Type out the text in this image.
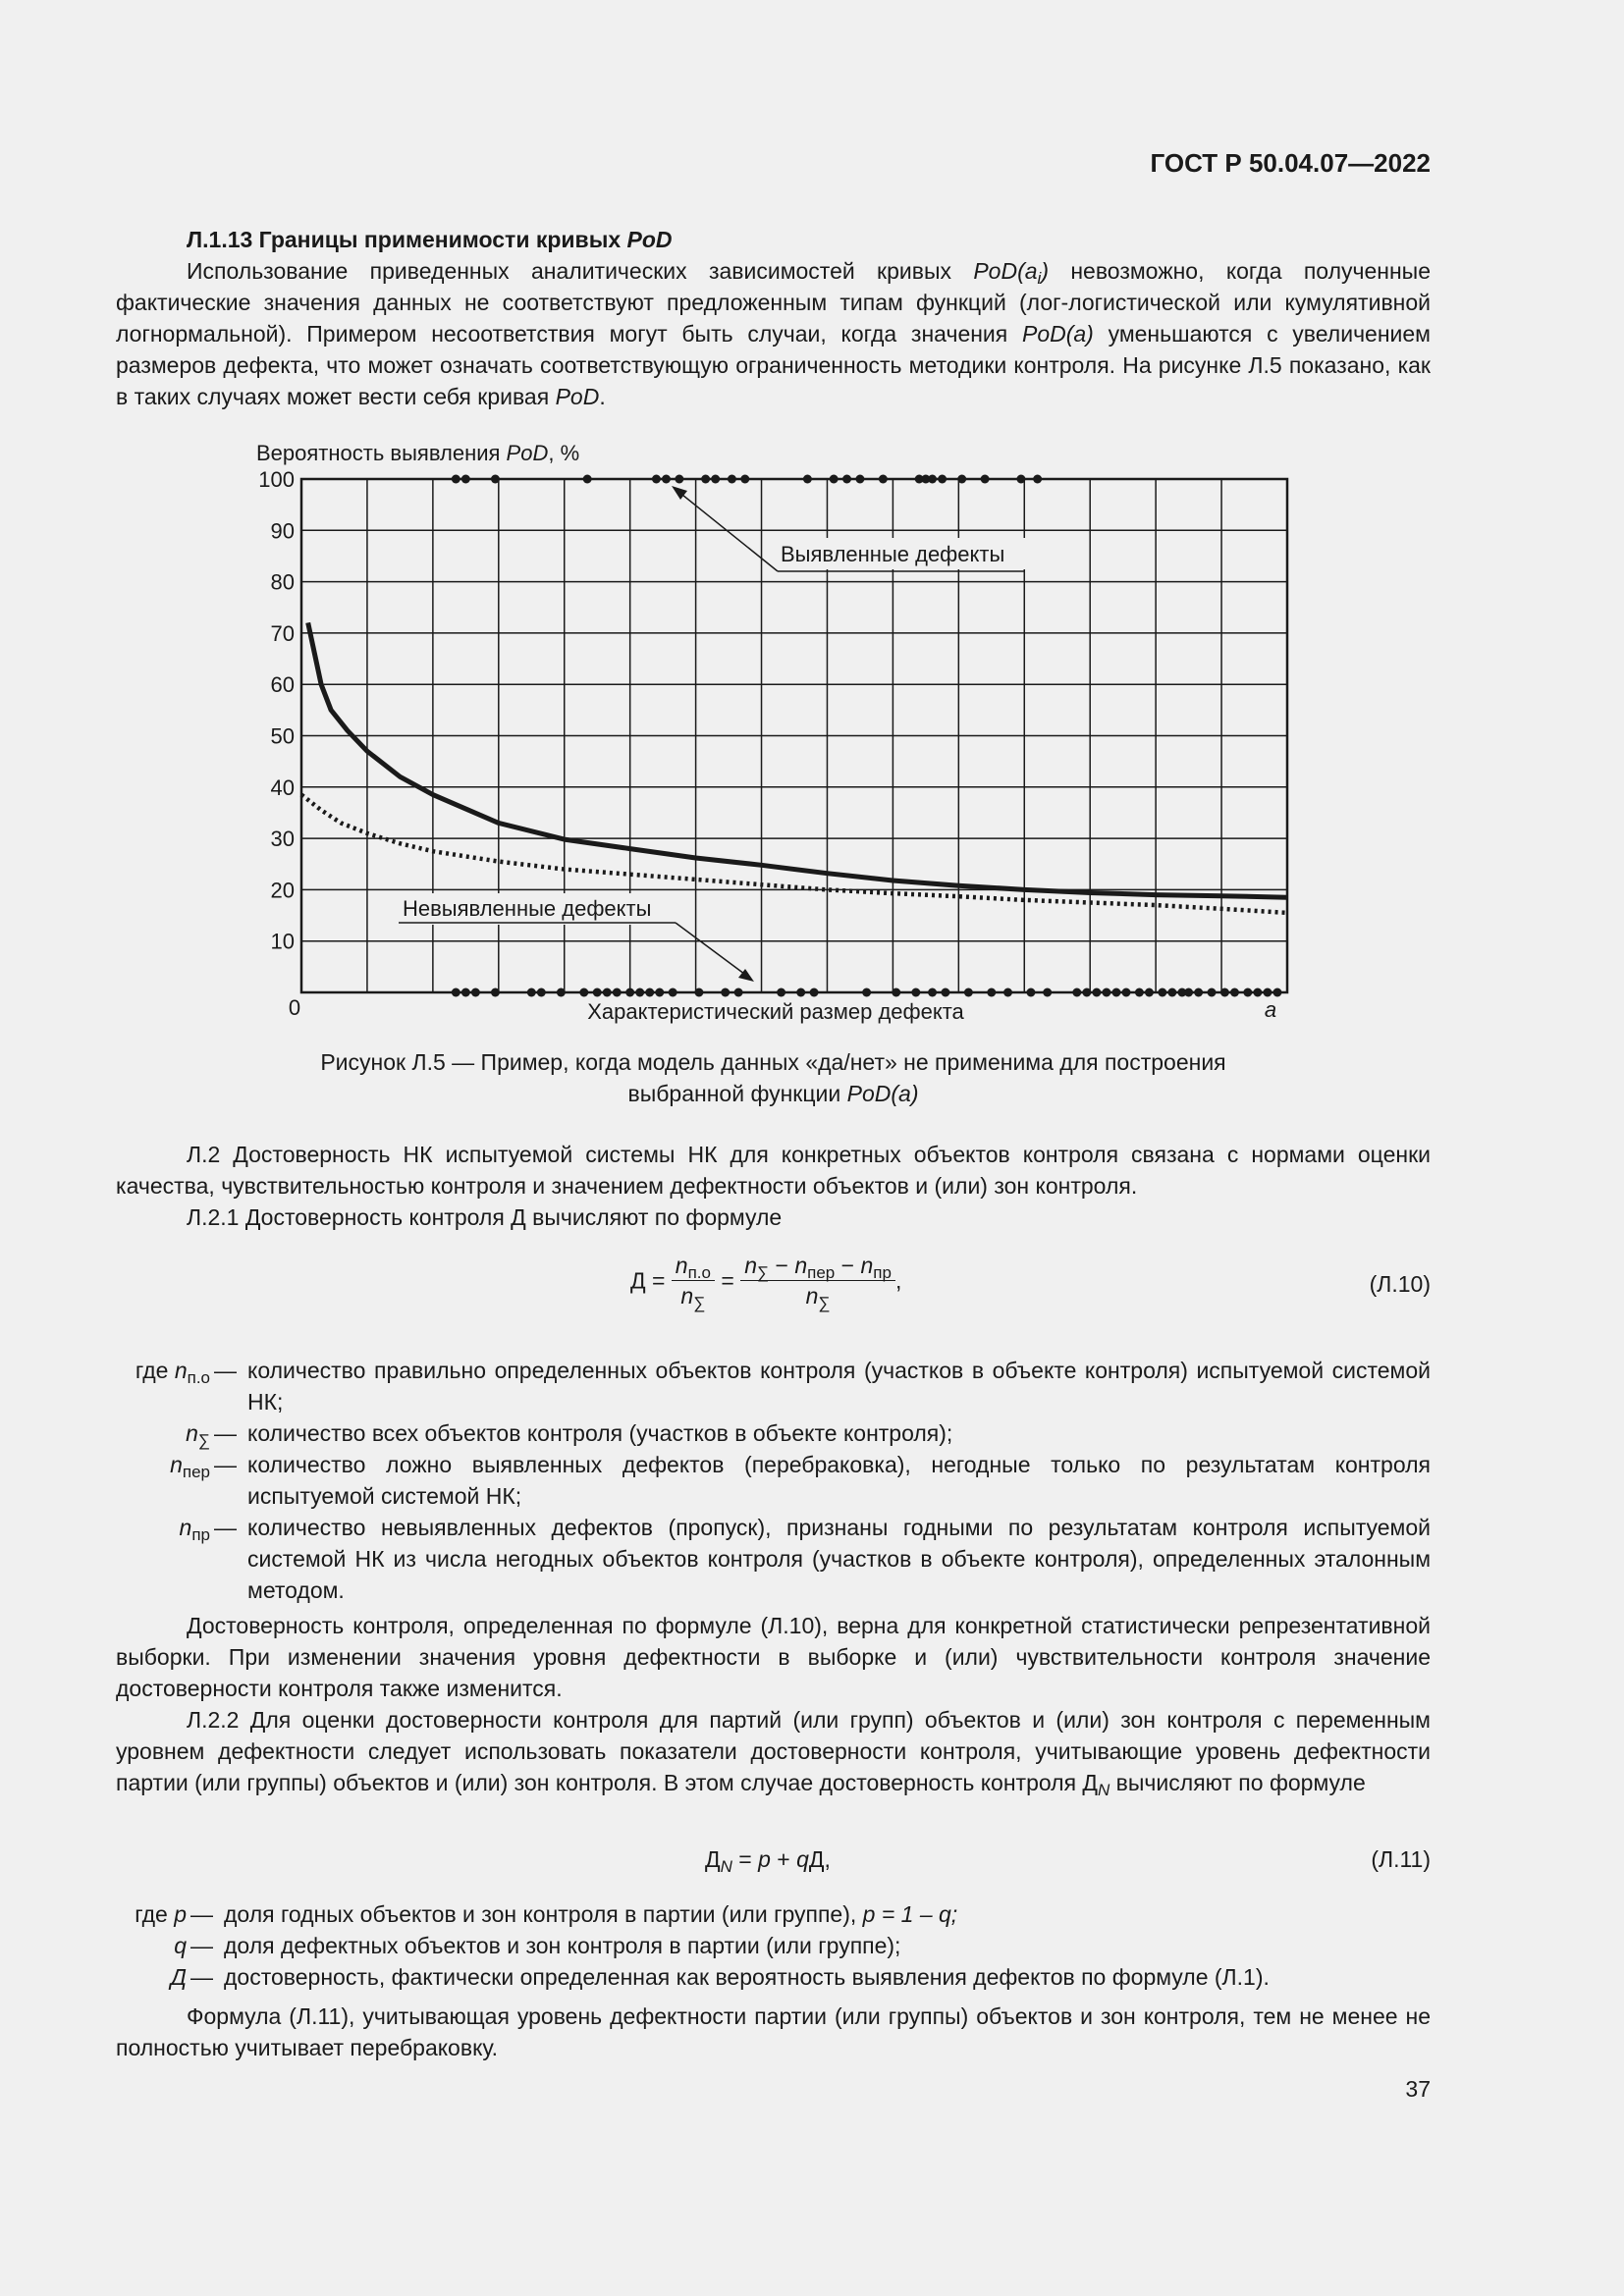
ГОСТ Р 50.04.07—2022
Л.1.13 Границы применимости кривых PoD
Использование приведенных аналитических зависимостей кривых $PoD(a_i)$ невозможно, когда полученные фактические значения данных не соответствуют предложенным типам функций (лог-логистической или кумулятивной логнормальной). Примером несоответствия могут быть случаи, когда значения PoD(a) уменьшаются с увеличением размеров дефекта, что может означать соответствующую ограниченность методики контроля. На рисунке Л.5 показано, как в таких случаях может вести себя кривая PoD.
Вероятность выявления PoD, %
10
20
30
40
50
60
70
80
90
100
0	Характеристический размер дефекта	a
Выявленные дефекты
Невыявленные дефекты
Рисунок Л.5 — Пример, когда модель данных «да/нет» не применима для построения
выбранной функции PoD(a)
Л.2 Достоверность НК испытуемой системы НК для конкретных объектов контроля связана с нормами оценки качества, чувствительностью контроля и значением дефектности объектов и (или) зон контроля.
Л.2.1 Достоверность контроля Д вычисляют по формуле
$Д = \frac{n_{п.о}}{n_\sum} = \frac{n_\sum - n_{пер} - n_{пр}}{n_\sum}$ ,	(Л.10)
где $n_{п.о}$ — количество правильно определенных объектов контроля (участков в объекте контроля) испытуемой системой НК;
$n_\sum$ — количество всех объектов контроля (участков в объекте контроля);
$n_{пер}$ — количество ложно выявленных дефектов (перебраковка), негодные только по результатам контроля испытуемой системой НК;
$n_{пр}$ — количество невыявленных дефектов (пропуск), признаны годными по результатам контроля испытуемой системой НК из числа негодных объектов контроля (участков в объекте контроля), определенных эталонным методом.
Достоверность контроля, определенная по формуле (Л.10), верна для конкретной статистически репрезентативной выборки. При изменении значения уровня дефектности в выборке и (или) чувствительности контроля значение достоверности контроля также изменится.
Л.2.2 Для оценки достоверности контроля для партий (или групп) объектов и (или) зон контроля с переменным уровнем дефектности следует использовать показатели достоверности контроля, учитывающие уровень дефектности партии (или группы) объектов и (или) зон контроля. В этом случае достоверность контроля $Д_N$ вычисляют по формуле
$Д_N = p$ + qД,	(Л.11)
где p — доля годных объектов и зон контроля в партии (или группе), p = 1 – q;
q — доля дефектных объектов и зон контроля в партии (или группе);
Д — достоверность, фактически определенная как вероятность выявления дефектов по формуле (Л.1).
Формула (Л.11), учитывающая уровень дефектности партии (или группы) объектов и зон контроля, тем не менее не полностью учитывает перебраковку.
37
